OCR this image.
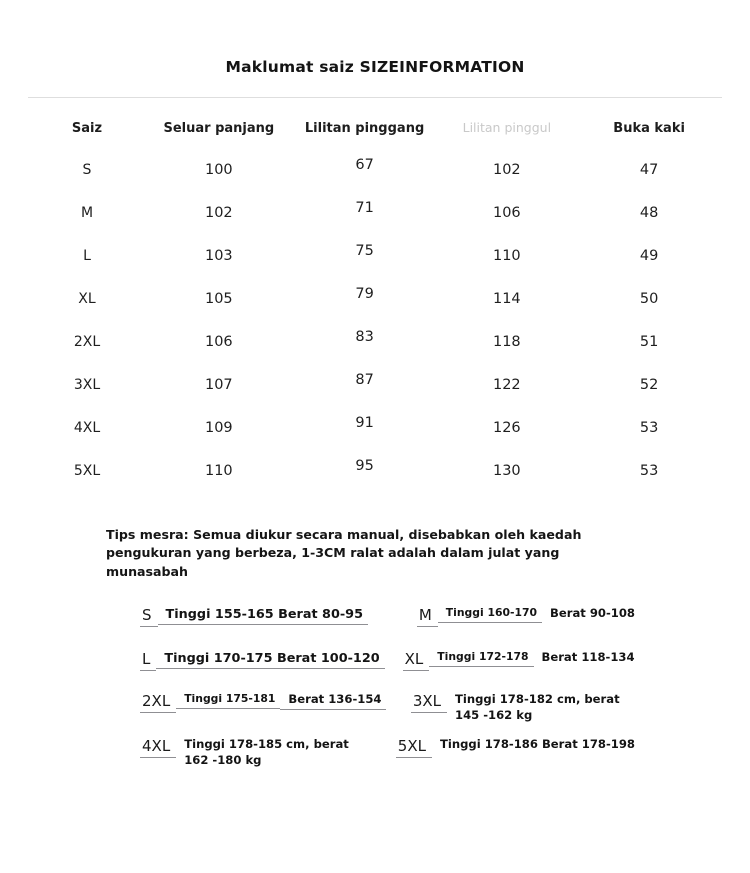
Maklumat saiz SIZEINFORMATION
Saiz	Seluar panjang	Lilitan pinggang	Lilitan pinggul	Buka kaki
S	100	67	102	47
M	102	71	106	48
L	103	75	110	49
XL	105	79	114	50
2XL	106	83	118	51
3XL	107	87	122	52
4XL	109	91	126	53
5XL	110	95	130	53
Tips mesra: Semua diukur secara manual, disebabkan oleh kaedah pengukuran yang berbeza, 1-3CM ralat adalah dalam julat yang munasabah
S	Tinggi 155-165 Berat 80-95	M	Tinggi 160-170	Berat 90-108
L	Tinggi 170-175 Berat 100-120	XL	Tinggi 172-178	Berat 118-134
2XL	Tinggi 175-181	Berat 136-154	3XL	Tinggi 178-182 cm, berat 145 -162 kg
4XL	Tinggi 178-185 cm, berat 162 -180 kg
5XL	Tinggi 178-186 Berat 178-198
